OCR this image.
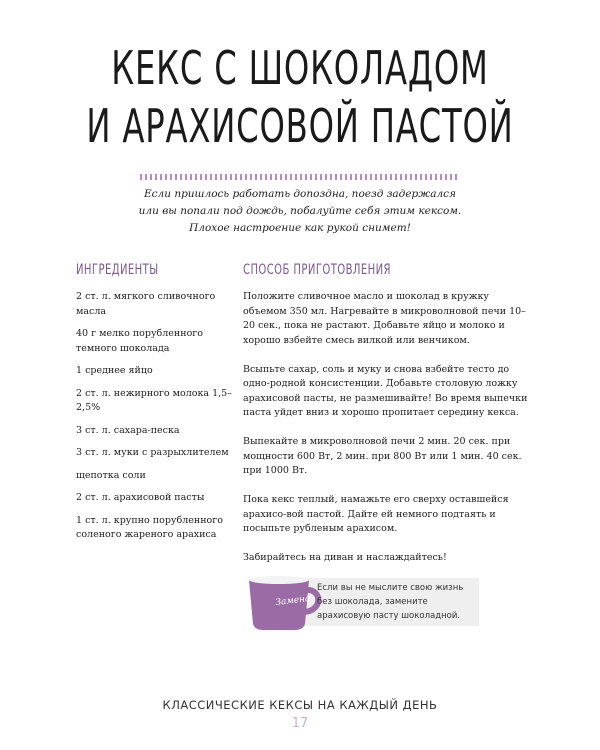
КЕКС С ШОКОЛАДОМ
И АРАХИСОВОЙ ПАСТОЙ
Если пришлось работать допоздна, поезд задержался
или вы попали под дождь, побалуйте себя этим кексом.
Плохое настроение как рукой снимет!
ИНГРЕДИЕНТЫ	СПОСОБ ПРИГОТОВЛЕНИЯ
2 ст. л. мягкого сливочного масла
40 г мелко порубленного темного шоколада
1 среднее яйцо
2 ст. л. нежирного молока 1,5–2,5%
3 ст. л. сахара-песка
3 ст. л. муки с разрыхлителем
щепотка соли
2 ст. л. арахисовой пасты
1 ст. л. крупно порубленного соленого жареного арахиса

Положите сливочное масло и шоколад в кружку объемом 350 мл. Нагревайте в микроволновой печи 10–20 сек., пока не растают. Добавьте яйцо и молоко и хорошо взбейте смесь вилкой или венчиком.

Всыпьте сахар, соль и муку и снова взбейте тесто до одно-родной консистенции. Добавьте столовую ложку арахисовой пасты, не размешивайте! Во время выпечки паста уйдет вниз и хорошо пропитает середину кекса.

Выпекайте в микроволновой печи 2 мин. 20 сек. при мощности 600 Вт, 2 мин. при 800 Вт или 1 мин. 40 сек. при 1000 Вт.

Пока кекс теплый, намажьте его сверху оставшейся арахисо-вой пастой. Дайте ей немного подтаять и посыпьте рубленым арахисом.

Забирайтесь на диван и наслаждайтесь!

Замена
Если вы не мыслите свою жизнь без шоколада, замените арахисовую пасту шоколадной.
КЛАССИЧЕСКИЕ КЕКСЫ НА КАЖДЫЙ ДЕНЬ
17
